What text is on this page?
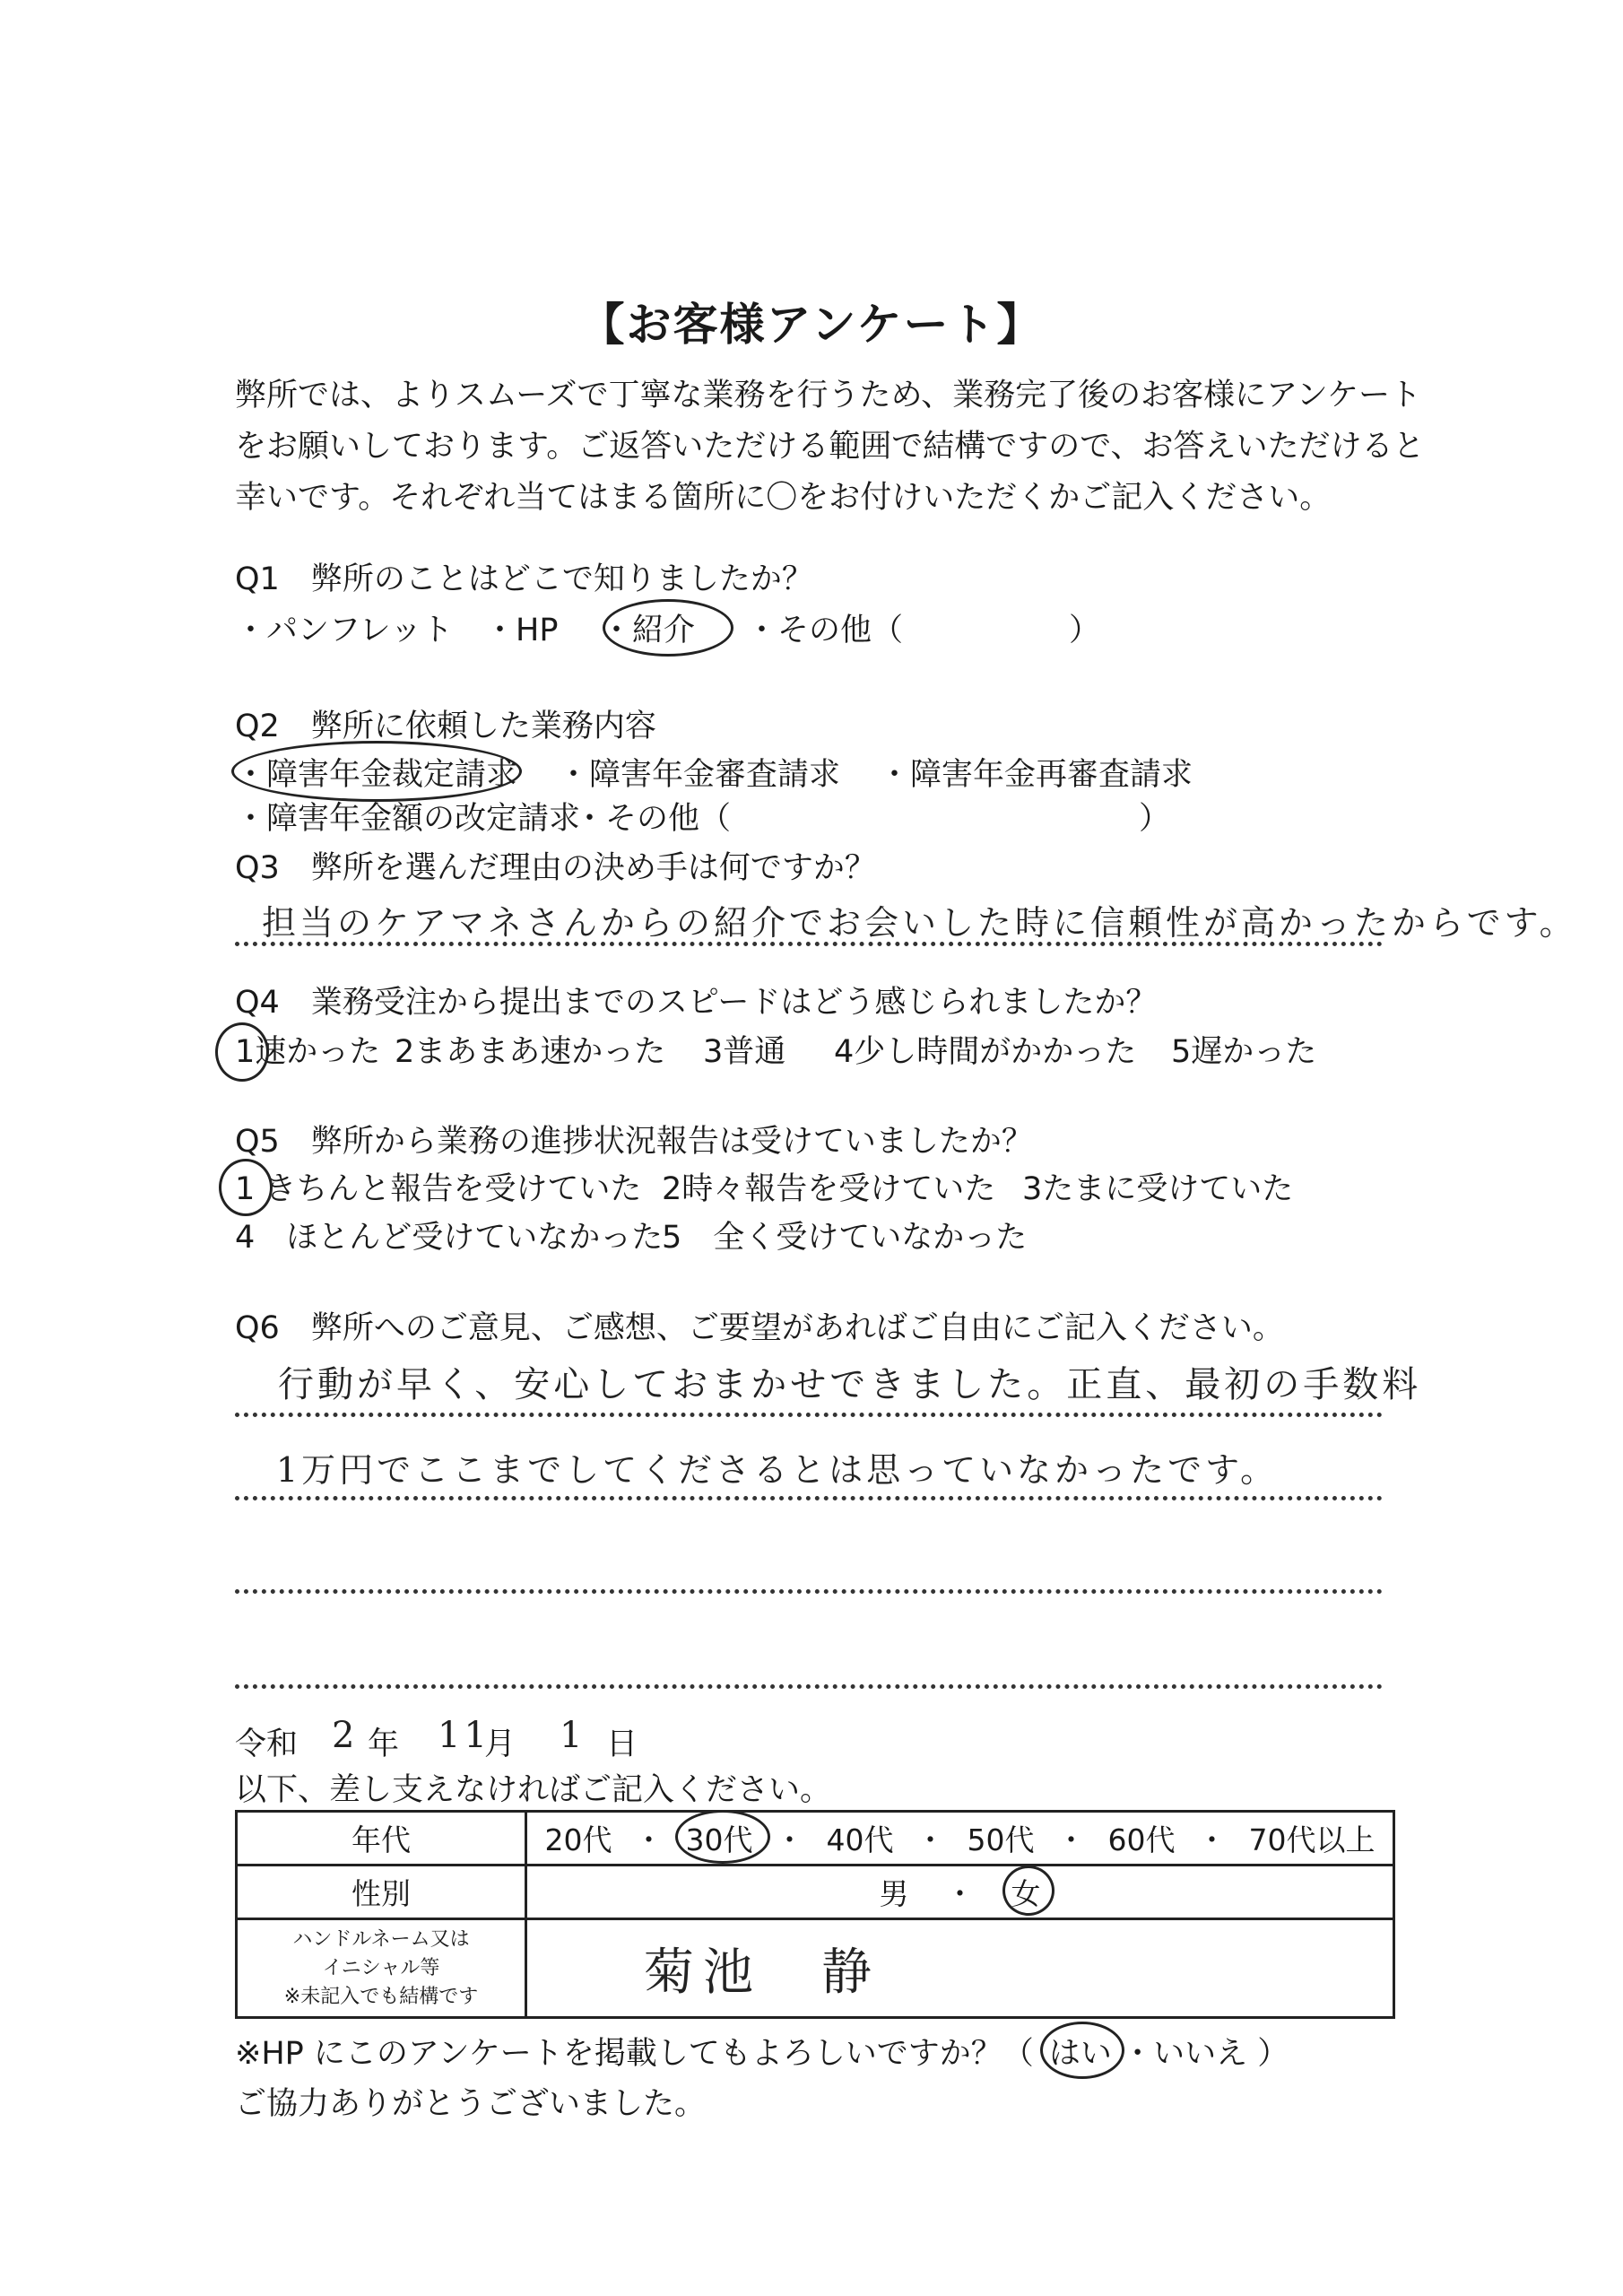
【お客様アンケート】
弊所では、よりスムーズで丁寧な業務を行うため、業務完了後のお客様にアンケート
をお願いしております。ご返答いただける範囲で結構ですので、お答えいただけると
幸いです。それぞれ当てはまる箇所に〇をお付けいただくかご記入ください。
Q1　弊所のことはどこで知りましたか？
・パンフレット ・HP ・紹介 ・その他（	）
Q2　弊所に依頼した業務内容
・障害年金裁定請求 ・障害年金審査請求 ・障害年金再審査請求
・障害年金額の改定請求
・その他（	）
Q3　弊所を選んだ理由の決め手は何ですか？
担当のケアマネさんからの紹介でお会いした時に信頼性が高かったからです。
Q4　業務受注から提出までのスピードはどう感じられましたか？
1速かった 2まあまあ速かった 3普通 4少し時間がかかった 5遅かった
Q5　弊所から業務の進捗状況報告は受けていましたか？
1 きちんと報告を受けていた 2時々報告を受けていた 3たまに受けていた
4　ほとんど受けていなかった
5　全く受けていなかった
Q6　弊所へのご意見、ご感想、ご要望があればご自由にご記入ください。
行動が早く、安心しておまかせできました。正直、最初の手数料
1万円でここまでしてくださるとは思っていなかったです。
令和 2 年 11
月 1 日
以下、差し支えなければご記入ください。
年代	20代 ・ 30代 ・ 40代 ・ 50代 ・ 60代 ・ 70代以上

性別	男 ・ 女

ハンドルネーム又は
イニシャル等
※未記入でも結構です	菊池　静
※HP にこのアンケートを掲載してもよろしいですか？（ はい ・いいえ ）
ご協力ありがとうございました。
